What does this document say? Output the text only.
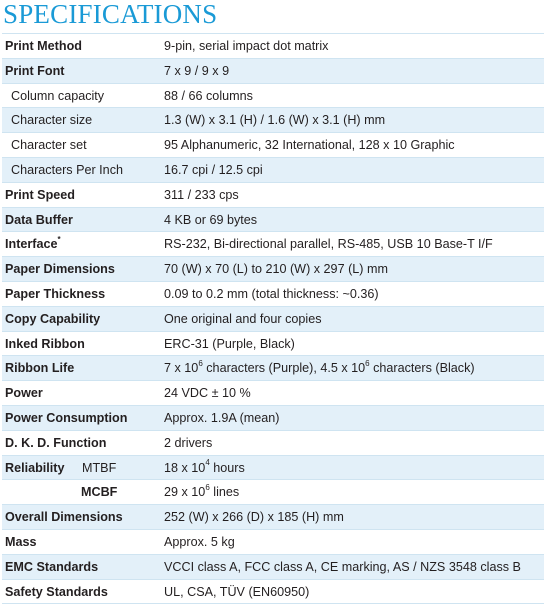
SPECIFICATIONS
Print Method	9-pin, serial impact dot matrix
Print Font	7 x 9 / 9 x 9
Column capacity	88 / 66 columns
Character size	1.3 (W) x 3.1 (H) / 1.6 (W) x 3.1 (H) mm
Character set	95 Alphanumeric, 32 International, 128 x 10 Graphic
Characters Per Inch	16.7 cpi / 12.5 cpi
Print Speed	311 / 233 cps
Data Buffer	4 KB or 69 bytes
Interface*	RS-232, Bi-directional parallel, RS-485, USB 10 Base-T I/F
Paper Dimensions	70 (W) x 70 (L) to 210 (W) x 297 (L) mm
Paper Thickness	0.09 to 0.2 mm (total thickness: ~0.36)
Copy Capability	One original and four copies
Inked Ribbon	ERC-31 (Purple, Black)
Ribbon Life	7 x $10^6$ characters (Purple), 4.5 x $10^6$ characters (Black)
Power	24 VDC ± 10 %
Power Consumption	Approx. 1.9A (mean)
D. K. D. Function	2 drivers
Reliability MTBF	18 x $10^4$ hours
MCBF	29 x $10^6$ lines
Overall Dimensions	252 (W) x 266 (D) x 185 (H) mm
Mass	Approx. 5 kg
EMC Standards	VCCI class A, FCC class A, CE marking, AS / NZS 3548 class B
Safety Standards	UL, CSA, TÜV (EN60950)
